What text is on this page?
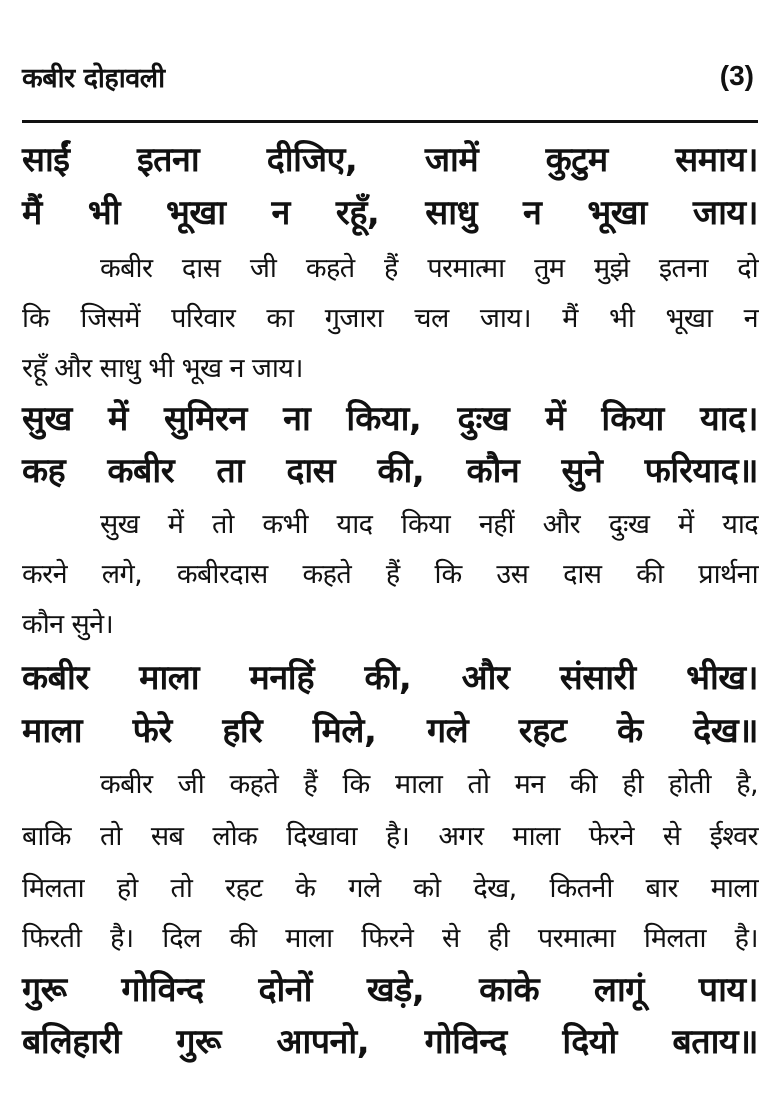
कबीर दोहावली	(3)
साईं इतना दीजिए, जामें कुटुम समाय।
मैं भी भूखा न रहूँ, साधु न भूखा जाय।
कबीर दास जी कहते हैं परमात्मा तुम मुझे इतना दो
कि जिसमें परिवार का गुजारा चल जाय। मैं भी भूखा न
रहूँ और साधु भी भूख न जाय।
सुख में सुमिरन ना किया, दुःख में किया याद।
कह कबीर ता दास की, कौन सुने फरियाद॥
सुख में तो कभी याद किया नहीं और दुःख में याद
करने लगे, कबीरदास कहते हैं कि उस दास की प्रार्थना
कौन सुने।
कबीर माला मनहिं की, और संसारी भीख।
माला फेरे हरि मिले, गले रहट के देख॥
कबीर जी कहते हैं कि माला तो मन की ही होती है,
बाकि तो सब लोक दिखावा है। अगर माला फेरने से ईश्वर
मिलता हो तो रहट के गले को देख, कितनी बार माला
फिरती है। दिल की माला फिरने से ही परमात्मा मिलता है।
गुरू गोविन्द दोनों खड़े, काके लागूं पाय।
बलिहारी गुरू आपनो, गोविन्द दियो बताय॥
